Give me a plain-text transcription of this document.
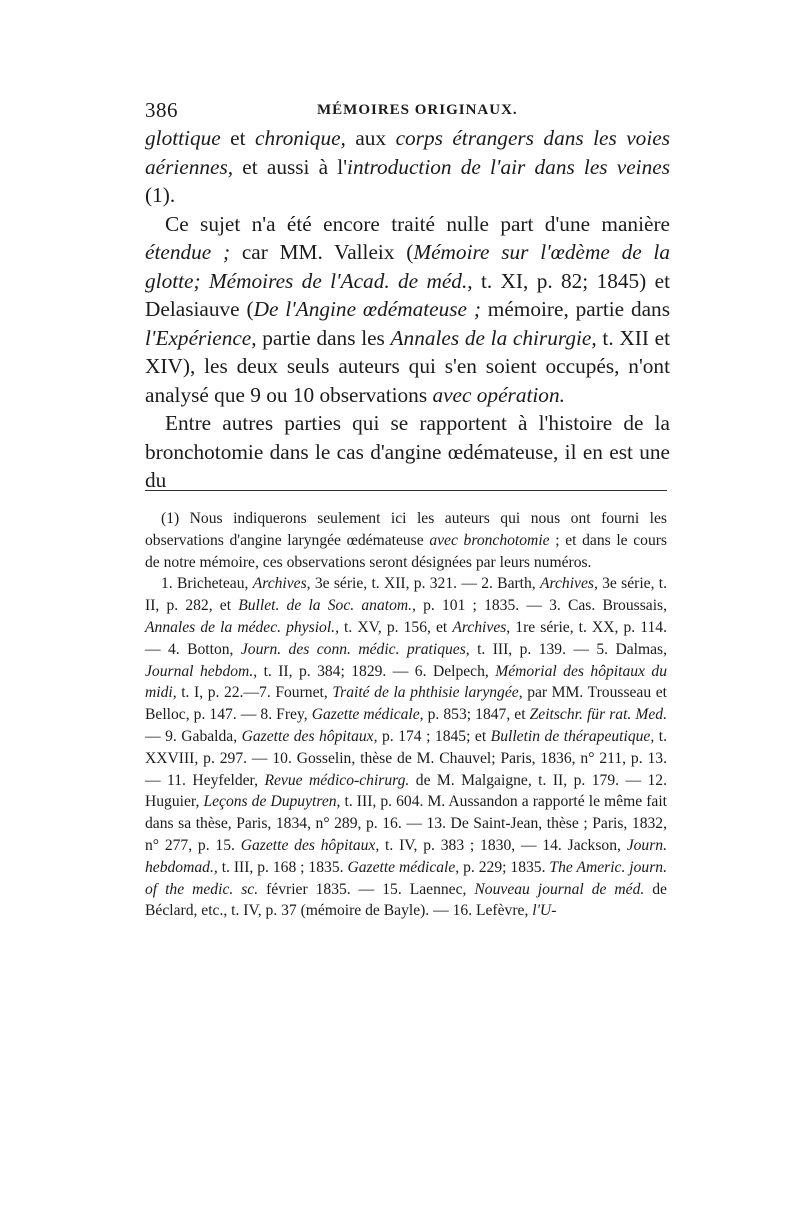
386	MÉMOIRES ORIGINAUX.

glottique et chronique, aux corps étrangers dans les voies aériennes, et aussi à l'introduction de l'air dans les veines (1).

Ce sujet n'a été encore traité nulle part d'une manière étendue ; car MM. Valleix (Mémoire sur l'œdème de la glotte; Mémoires de l'Acad. de méd., t. XI, p. 82; 1845) et Delasiauve (De l'Angine œdémateuse ; mémoire, partie dans l'Expérience, partie dans les Annales de la chirurgie, t. XII et XIV), les deux seuls auteurs qui s'en soient occupés, n'ont analysé que 9 ou 10 observations avec opération.

Entre autres parties qui se rapportent à l'histoire de la bronchotomie dans le cas d'angine œdémateuse, il en est une du

(1) Nous indiquerons seulement ici les auteurs qui nous ont fourni les observations d'angine laryngée œdémateuse avec bronchotomie ; et dans le cours de notre mémoire, ces observations seront désignées par leurs numéros.

1. Bricheteau, Archives, 3e série, t. XII, p. 321. — 2. Barth, Archives, 3e série, t. II, p. 282, et Bullet. de la Soc. anatom., p. 101 ; 1835. — 3. Cas. Broussais, Annales de la médec. physiol., t. XV, p. 156, et Archives, 1re série, t. XX, p. 114. — 4. Botton, Journ. des conn. médic. pratiques, t. III, p. 139. — 5. Dalmas, Journal hebdom., t. II, p. 384; 1829. — 6. Delpech, Mémorial des hôpitaux du midi, t. I, p. 22.—7. Fournet, Traité de la phthisie laryngée, par MM. Trousseau et Belloc, p. 147. — 8. Frey, Gazette médicale, p. 853; 1847, et Zeitschr. für rat. Med. — 9. Gabalda, Gazette des hôpitaux, p. 174 ; 1845; et Bulletin de thérapeutique, t. XXVIII, p. 297. — 10. Gosselin, thèse de M. Chauvel; Paris, 1836, n° 211, p. 13. — 11. Heyfelder, Revue médico-chirurg. de M. Malgaigne, t. II, p. 179. — 12. Huguier, Leçons de Dupuytren, t. III, p. 604. M. Aussandon a rapporté le même fait dans sa thèse, Paris, 1834, n° 289, p. 16. — 13. De Saint-Jean, thèse ; Paris, 1832, n° 277, p. 15. Gazette des hôpitaux, t. IV, p. 383 ; 1830, — 14. Jackson, Journ. hebdomad., t. III, p. 168 ; 1835. Gazette médicale, p. 229; 1835. The Americ. journ. of the medic. sc. février 1835. — 15. Laennec, Nouveau journal de méd. de Béclard, etc., t. IV, p. 37 (mémoire de Bayle). — 16. Lefèvre, l'U-
